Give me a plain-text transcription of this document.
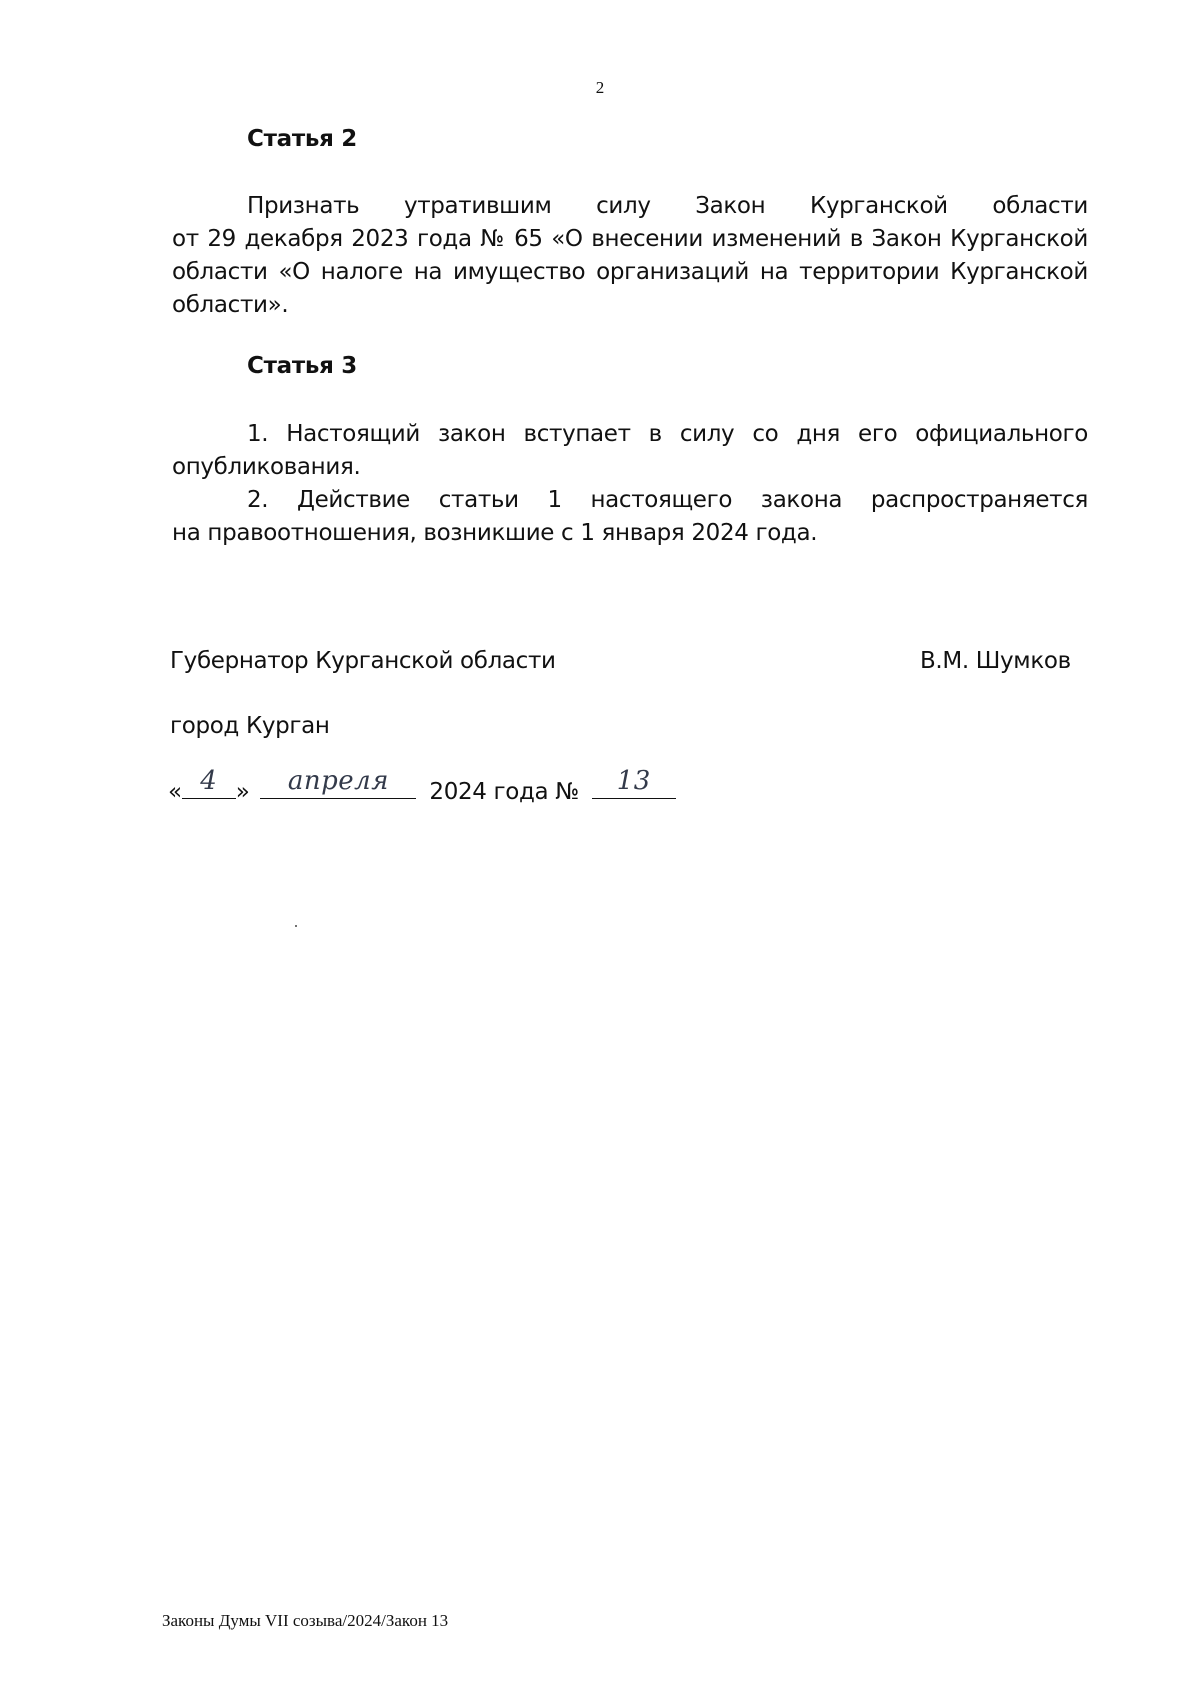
2
Статья 2
Признать утратившим силу Закон Курганской области
от 29 декабря 2023 года № 65 «О внесении изменений в Закон Курганской области «О налоге на имущество организаций на территории Курганской области».
Статья 3
1. Настоящий закон вступает в силу со дня его официального опубликования.
2. Действие статьи 1 настоящего закона распространяется
на правоотношения, возникшие с 1 января 2024 года.
Губернатор Курганской области	В.М. Шумков
город Курган
« 4 »	апреля	2024 года №	13
Законы Думы VII созыва/2024/Закон 13
